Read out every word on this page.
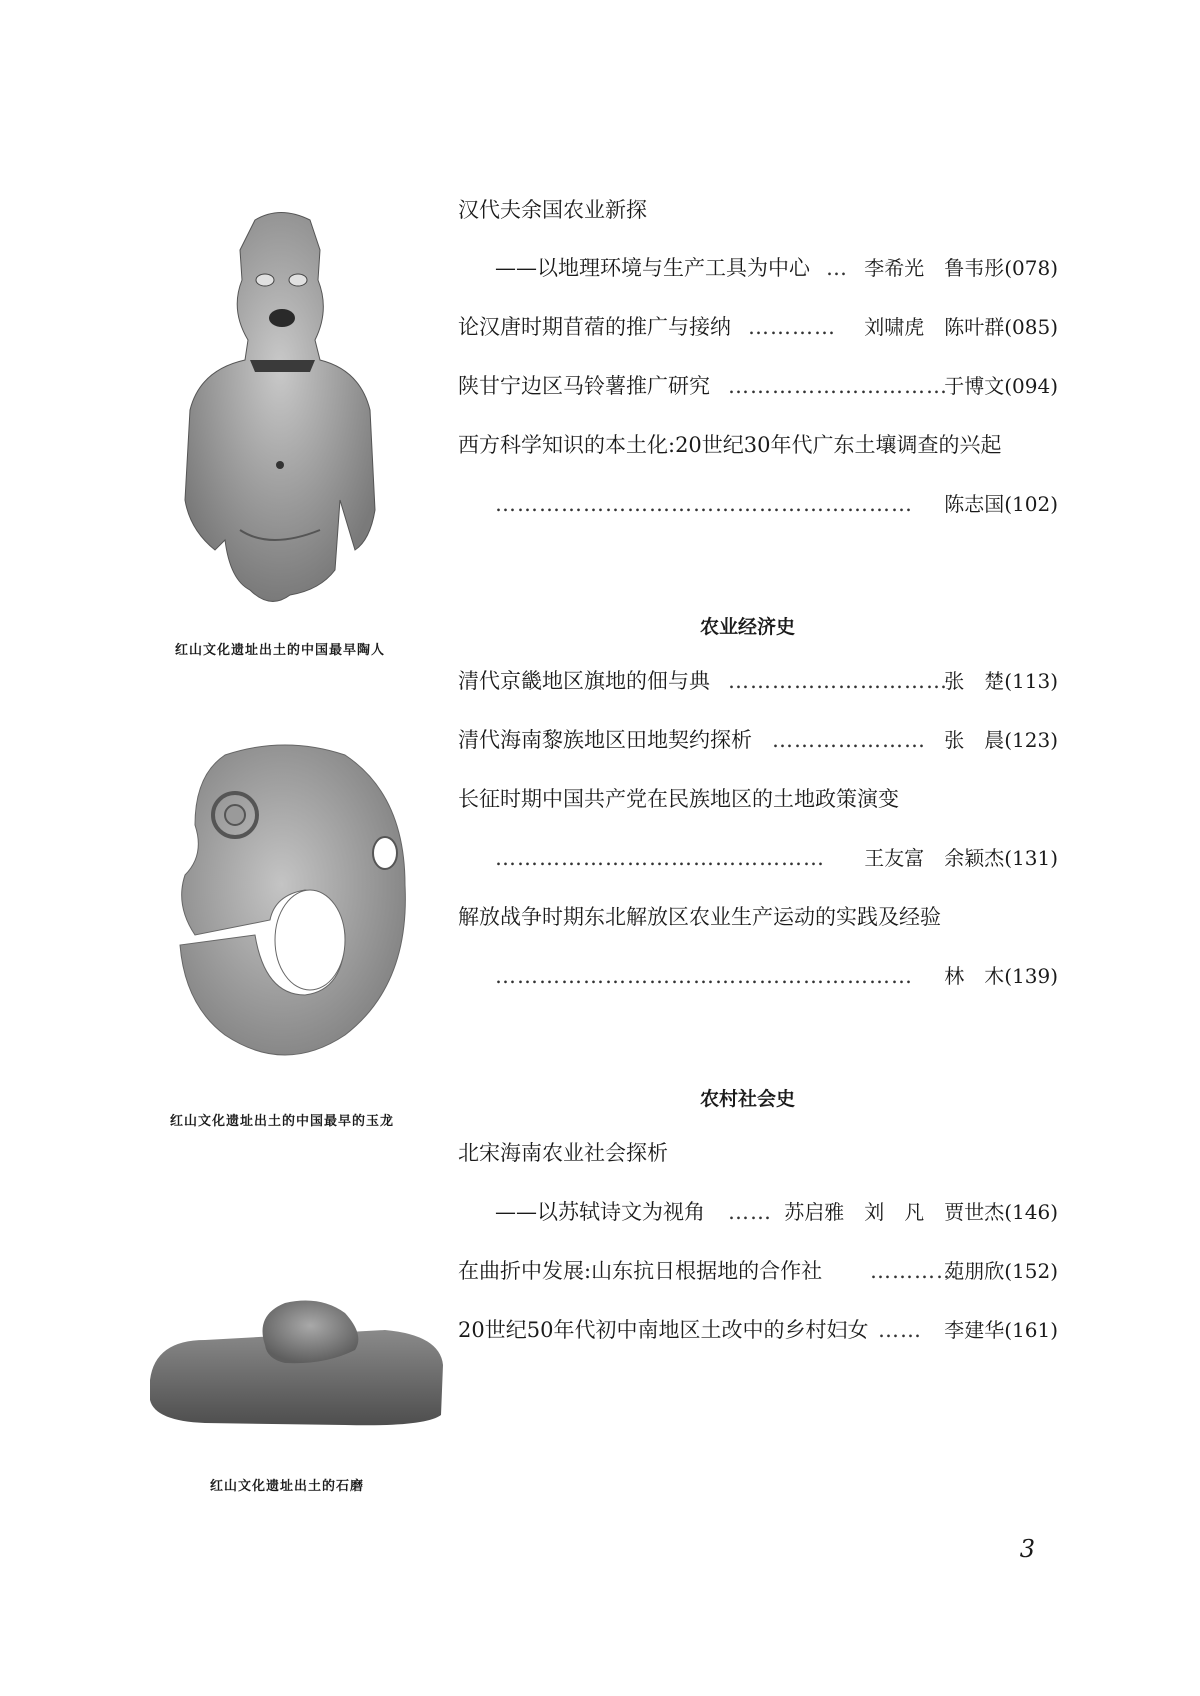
红山文化遗址出土的中国最早陶人
红山文化遗址出土的中国最早的玉龙
红山文化遗址出土的石磨
汉代夫余国农业新探
——以地理环境与生产工具为中心 … 李希光　鲁韦彤(078)
论汉唐时期苜蓿的推广与接纳 ………… 刘啸虎　陈叶群(085)
陕甘宁边区马铃薯推广研究 …………………………
于博文(094)
西方科学知识的本土化:20世纪30年代广东土壤调查的兴起
………………………………………………… 陈志国(102)
农业经济史
清代京畿地区旗地的佃与典 …………………………
张　楚(113)
清代海南黎族地区田地契约探析 ………………… 张　晨(123)
长征时期中国共产党在民族地区的土地政策演变
……………………………………… 王友富　余颖杰(131)
解放战争时期东北解放区农业生产运动的实践及经验
………………………………………………… 林　木(139)
农村社会史
北宋海南农业社会探析
——以苏轼诗文为视角 …… 苏启雅　刘　凡　贾世杰(146)
在曲折中发展:山东抗日根据地的合作社 …………
苑朋欣(152)
20世纪50年代初中南地区土改中的乡村妇女 …… 李建华(161)
3
